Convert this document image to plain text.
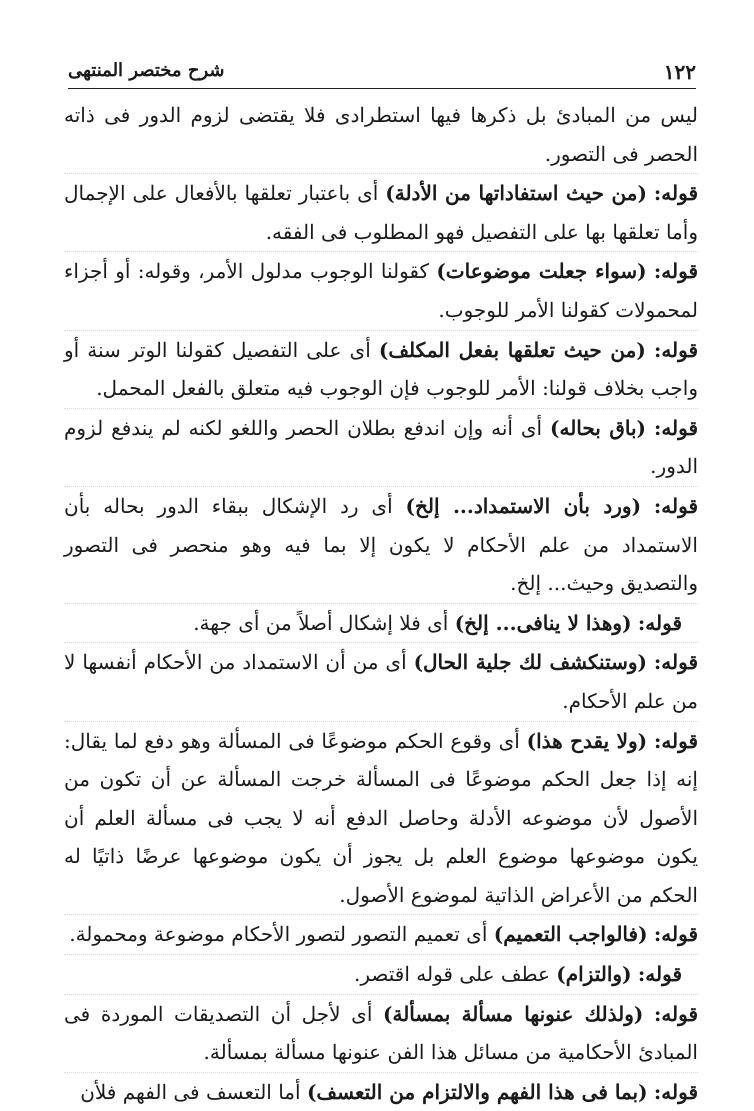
١٢٢
شرح مختصر المنتهى

ليس من المبادئ بل ذكرها فيها استطرادى فلا يقتضى لزوم الدور فى ذاته الحصر فى التصور.

قوله: (من حيث استفاداتها من الأدلة) أى باعتبار تعلقها بالأفعال على الإجمال وأما تعلقها بها على التفصيل فهو المطلوب فى الفقه.

قوله: (سواء جعلت موضوعات) كقولنا الوجوب مدلول الأمر، وقوله: أو أجزاء لمحمولات كقولنا الأمر للوجوب.

قوله: (من حيث تعلقها بفعل المكلف) أى على التفصيل كقولنا الوتر سنة أو واجب بخلاف قولنا: الأمر للوجوب فإن الوجوب فيه متعلق بالفعل المحمل.

قوله: (باق بحاله) أى أنه وإن اندفع بطلان الحصر واللغو لكنه لم يندفع لزوم الدور.

قوله: (ورد بأن الاستمداد... إلخ) أى رد الإشكال ببقاء الدور بحاله بأن الاستمداد من علم الأحكام لا يكون إلا بما فيه وهو منحصر فى التصور والتصديق وحيث... إلخ.

قوله: (وهذا لا ينافى... إلخ) أى فلا إشكال أصلاً من أى جهة.

قوله: (وستنكشف لك جلية الحال) أى من أن الاستمداد من الأحكام أنفسها لا من علم الأحكام.

قوله: (ولا يقدح هذا) أى وقوع الحكم موضوعًا فى المسألة وهو دفع لما يقال: إنه إذا جعل الحكم موضوعًا فى المسألة خرجت المسألة عن أن تكون من الأصول لأن موضوعه الأدلة وحاصل الدفع أنه لا يجب فى مسألة العلم أن يكون موضوعها موضوع العلم بل يجوز أن يكون موضوعها عرضًا ذاتيًا له الحكم من الأعراض الذاتية لموضوع الأصول.

قوله: (فالواجب التعميم) أى تعميم التصور لتصور الأحكام موضوعة ومحمولة.

قوله: (والتزام) عطف على قوله اقتصر.

قوله: (ولذلك عنونها مسألة بمسألة) أى لأجل أن التصديقات الموردة فى المبادئ الأحكامية من مسائل هذا الفن عنونها مسألة بمسألة.

قوله: (بما فى هذا الفهم والالتزام من التعسف) أما التعسف فى الفهم فلأن
